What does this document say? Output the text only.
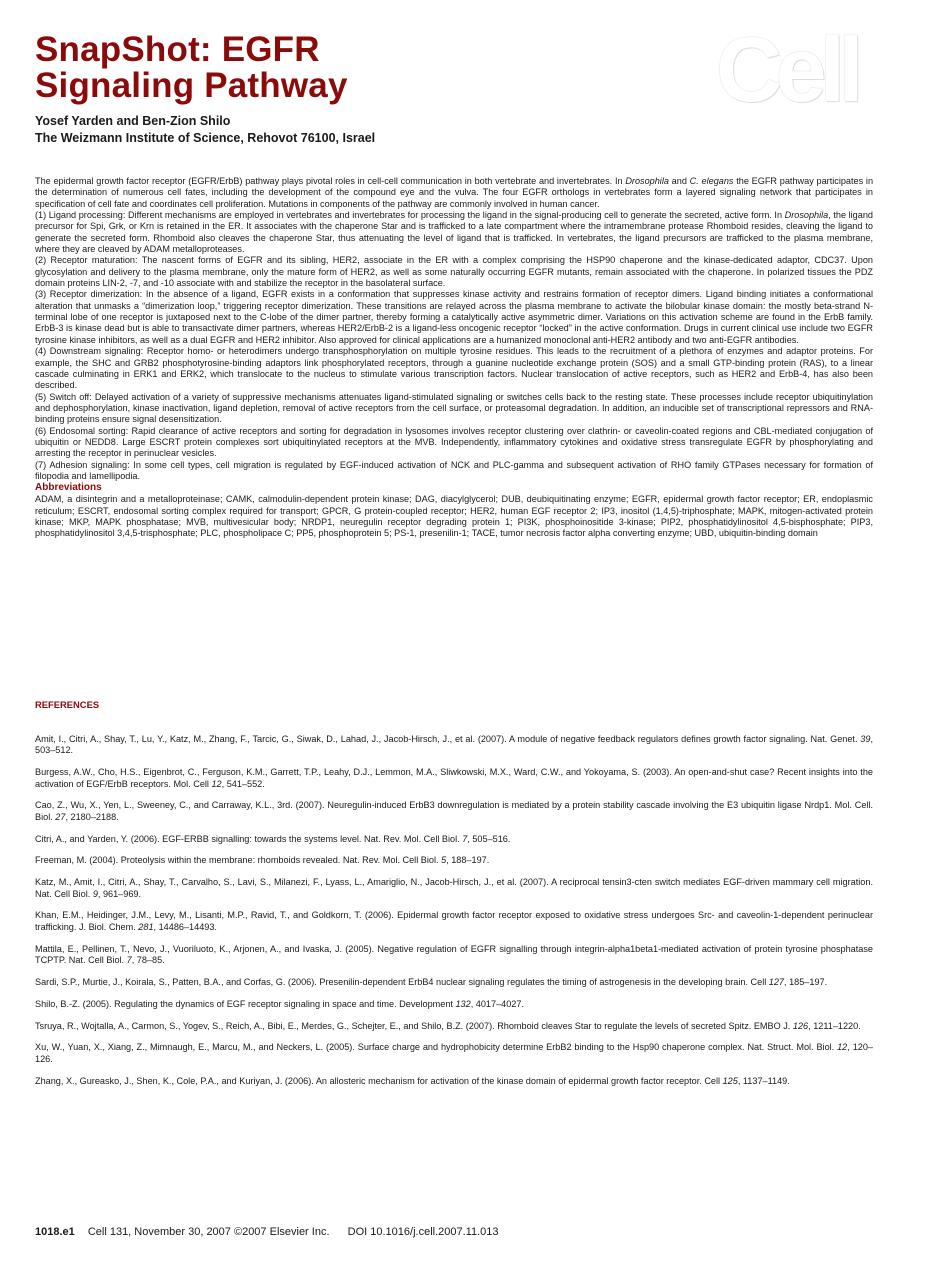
SnapShot: EGFR
Signaling Pathway	Cell
Yosef Yarden and Ben-Zion Shilo
The Weizmann Institute of Science, Rehovot 76100, Israel

The epidermal growth factor receptor (EGFR/ErbB) pathway plays pivotal roles in cell-cell communication in both vertebrate and invertebrates. In Drosophila and C. elegans the EGFR pathway participates in the determination of numerous cell fates, including the development of the compound eye and the vulva. The four EGFR orthologs in vertebrates form a layered signaling network that participates in specification of cell fate and coordinates cell proliferation. Mutations in components of the pathway are commonly involved in human cancer.

(1) Ligand processing: Different mechanisms are employed in vertebrates and invertebrates for processing the ligand in the signal-producing cell to generate the secreted, active form. In Drosophila, the ligand precursor for Spi, Grk, or Krn is retained in the ER. It associates with the chaperone Star and is trafficked to a late compartment where the intramembrane protease Rhomboid resides, cleaving the ligand to generate the secreted form. Rhomboid also cleaves the chaperone Star, thus attenuating the level of ligand that is trafficked. In vertebrates, the ligand precursors are trafficked to the plasma membrane, where they are cleaved by ADAM metalloproteases.

(2) Receptor maturation: The nascent forms of EGFR and its sibling, HER2, associate in the ER with a complex comprising the HSP90 chaperone and the kinase-dedicated adaptor, CDC37. Upon glycosylation and delivery to the plasma membrane, only the mature form of HER2, as well as some naturally occurring EGFR mutants, remain associated with the chaperone. In polarized tissues the PDZ domain proteins LIN-2, -7, and -10 associate with and stabilize the receptor in the basolateral surface.

(3) Receptor dimerization: In the absence of a ligand, EGFR exists in a conformation that suppresses kinase activity and restrains formation of receptor dimers. Ligand binding initiates a conformational alteration that unmasks a “dimerization loop,” triggering receptor dimerization. These transitions are relayed across the plasma membrane to activate the bilobular kinase domain: the mostly beta-strand N-terminal lobe of one receptor is juxtaposed next to the C-lobe of the dimer partner, thereby forming a catalytically active asymmetric dimer. Variations on this activation scheme are found in the ErbB family. ErbB-3 is kinase dead but is able to transactivate dimer partners, whereas HER2/ErbB-2 is a ligand-less oncogenic receptor “locked” in the active conformation. Drugs in current clinical use include two EGFR tyrosine kinase inhibitors, as well as a dual EGFR and HER2 inhibitor. Also approved for clinical applications are a humanized monoclonal anti-HER2 antibody and two anti-EGFR antibodies.

(4) Downstream signaling: Receptor homo- or heterodimers undergo transphosphorylation on multiple tyrosine residues. This leads to the recruitment of a plethora of enzymes and adaptor proteins. For example, the SHC and GRB2 phosphotyrosine-binding adaptors link phosphorylated receptors, through a guanine nucleotide exchange protein (SOS) and a small GTP-binding protein (RAS), to a linear cascade culminating in ERK1 and ERK2, which translocate to the nucleus to stimulate various transcription factors. Nuclear translocation of active receptors, such as HER2 and ErbB-4, has also been described.

(5) Switch off: Delayed activation of a variety of suppressive mechanisms attenuates ligand-stimulated signaling or switches cells back to the resting state. These processes include receptor ubiquitinylation and dephosphorylation, kinase inactivation, ligand depletion, removal of active receptors from the cell surface, or proteasomal degradation. In addition, an inducible set of transcriptional repressors and RNA-binding proteins ensure signal desensitization.

(6) Endosomal sorting: Rapid clearance of active receptors and sorting for degradation in lysosomes involves receptor clustering over clathrin- or caveolin-coated regions and CBL-mediated conjugation of ubiquitin or NEDD8. Large ESCRT protein complexes sort ubiquitinylated receptors at the MVB. Independently, inflammatory cytokines and oxidative stress transregulate EGFR by phosphorylating and arresting the receptor in perinuclear vesicles.

(7) Adhesion signaling: In some cell types, cell migration is regulated by EGF-induced activation of NCK and PLC-gamma and subsequent activation of RHO family GTPases necessary for formation of filopodia and lamellipodia.

Abbreviations

ADAM, a disintegrin and a metalloproteinase; CAMK, calmodulin-dependent protein kinase; DAG, diacylglycerol; DUB, deubiquitinating enzyme; EGFR, epidermal growth factor receptor; ER, endoplasmic reticulum; ESCRT, endosomal sorting complex required for transport; GPCR, G protein-coupled receptor; HER2, human EGF receptor 2; IP3, inositol (1,4,5)-triphosphate; MAPK, mitogen-activated protein kinase; MKP, MAPK phosphatase; MVB, multivesicular body; NRDP1, neuregulin receptor degrading protein 1; PI3K, phosphoinositide 3-kinase; PIP2, phosphatidylinositol 4,5-bisphosphate; PIP3, phosphatidylinositol 3,4,5-trisphosphate; PLC, phospholipace C; PP5, phosphoprotein 5; PS-1, presenilin-1; TACE, tumor necrosis factor alpha converting enzyme; UBD, ubiquitin-binding domain

REFERENCES

Amit, I., Citri, A., Shay, T., Lu, Y., Katz, M., Zhang, F., Tarcic, G., Siwak, D., Lahad, J., Jacob-Hirsch, J., et al. (2007). A module of negative feedback regulators defines growth factor signaling. Nat. Genet. 39, 503–512.

Burgess, A.W., Cho, H.S., Eigenbrot, C., Ferguson, K.M., Garrett, T.P., Leahy, D.J., Lemmon, M.A., Sliwkowski, M.X., Ward, C.W., and Yokoyama, S. (2003). An open-and-shut case? Recent insights into the activation of EGF/ErbB receptors. Mol. Cell 12, 541–552.

Cao, Z., Wu, X., Yen, L., Sweeney, C., and Carraway, K.L., 3rd. (2007). Neuregulin-induced ErbB3 downregulation is mediated by a protein stability cascade involving the E3 ubiquitin ligase Nrdp1. Mol. Cell. Biol. 27, 2180–2188.

Citri, A., and Yarden, Y. (2006). EGF-ERBB signalling: towards the systems level. Nat. Rev. Mol. Cell Biol. 7, 505–516.

Freeman, M. (2004). Proteolysis within the membrane: rhomboids revealed. Nat. Rev. Mol. Cell Biol. 5, 188–197.

Katz, M., Amit, I., Citri, A., Shay, T., Carvalho, S., Lavi, S., Milanezi, F., Lyass, L., Amariglio, N., Jacob-Hirsch, J., et al. (2007). A reciprocal tensin3-cten switch mediates EGF-driven mammary cell migration. Nat. Cell Biol. 9, 961–969.

Khan, E.M., Heidinger, J.M., Levy, M., Lisanti, M.P., Ravid, T., and Goldkorn, T. (2006). Epidermal growth factor receptor exposed to oxidative stress undergoes Src- and caveolin-1-dependent perinuclear trafficking. J. Biol. Chem. 281, 14486–14493.

Mattila, E., Pellinen, T., Nevo, J., Vuoriluoto, K., Arjonen, A., and Ivaska, J. (2005). Negative regulation of EGFR signalling through integrin-alpha1beta1-mediated activation of protein tyrosine phosphatase TCPTP. Nat. Cell Biol. 7, 78–85.

Sardi, S.P., Murtie, J., Koirala, S., Patten, B.A., and Corfas, G. (2006). Presenilin-dependent ErbB4 nuclear signaling regulates the timing of astrogenesis in the developing brain. Cell 127, 185–197.

Shilo, B.-Z. (2005). Regulating the dynamics of EGF receptor signaling in space and time. Development 132, 4017–4027.

Tsruya, R., Wojtalla, A., Carmon, S., Yogev, S., Reich, A., Bibi, E., Merdes, G., Schejter, E., and Shilo, B.Z. (2007). Rhomboid cleaves Star to regulate the levels of secreted Spitz. EMBO J. 126, 1211–1220.

Xu, W., Yuan, X., Xiang, Z., Mimnaugh, E., Marcu, M., and Neckers, L. (2005). Surface charge and hydrophobicity determine ErbB2 binding to the Hsp90 chaperone complex. Nat. Struct. Mol. Biol. 12, 120–126.

Zhang, X., Gureasko, J., Shen, K., Cole, P.A., and Kuriyan, J. (2006). An allosteric mechanism for activation of the kinase domain of epidermal growth factor receptor. Cell 125, 1137–1149.

1018.e1 Cell 131, November 30, 2007 ©2007 Elsevier Inc. DOI 10.1016/j.cell.2007.11.013
